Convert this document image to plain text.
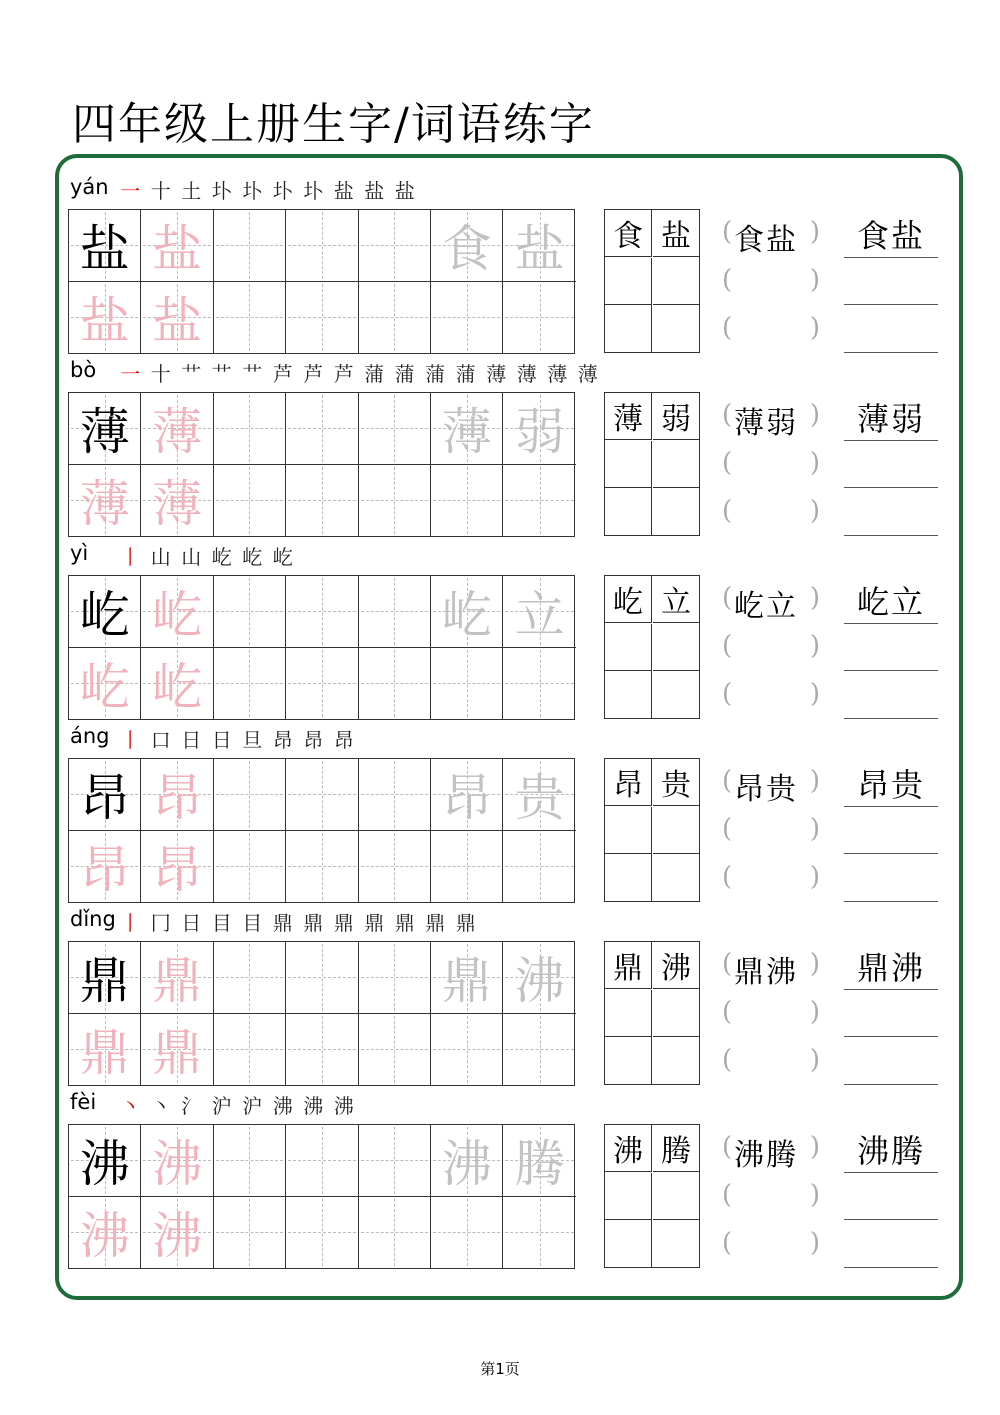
四年级上册生字/词语练字
yán 一 十 土 圤 圤 圤 圤 盐 盐 盐
盐 盐	食 盐
盐 盐
食 盐 ( 食盐 )
(	)
(	)
食盐
bò 一 十 艹 艹 艹 芦 芦 芦 蒲 蒲 蒲 蒲 薄 薄 薄 薄
薄 薄	薄 弱
薄 薄
薄 弱 ( 薄弱 )
(	)
(	)
薄弱
yì 丨 山 山 屹 屹 屹
屹 屹	屹 立
屹 屹
屹 立 ( 屹立 )
(	)
(	)
屹立
áng 丨 口 日 日 旦 昂 昂 昂
昂 昂	昂 贵
昂 昂
昂 贵 ( 昂贵 )
(	)
(	)
昂贵
dǐng 丨 冂 日 目 目 鼎 鼎 鼎 鼎 鼎 鼎 鼎
鼎 鼎	鼎 沸
鼎 鼎
鼎 沸 ( 鼎沸 )
(	)
(	)
鼎沸
fèi 丶 丶 氵 沪 沪 沸 沸 沸
沸 沸	沸 腾
沸 沸
沸 腾 ( 沸腾 )
(	)
(	)
沸腾
第1页
